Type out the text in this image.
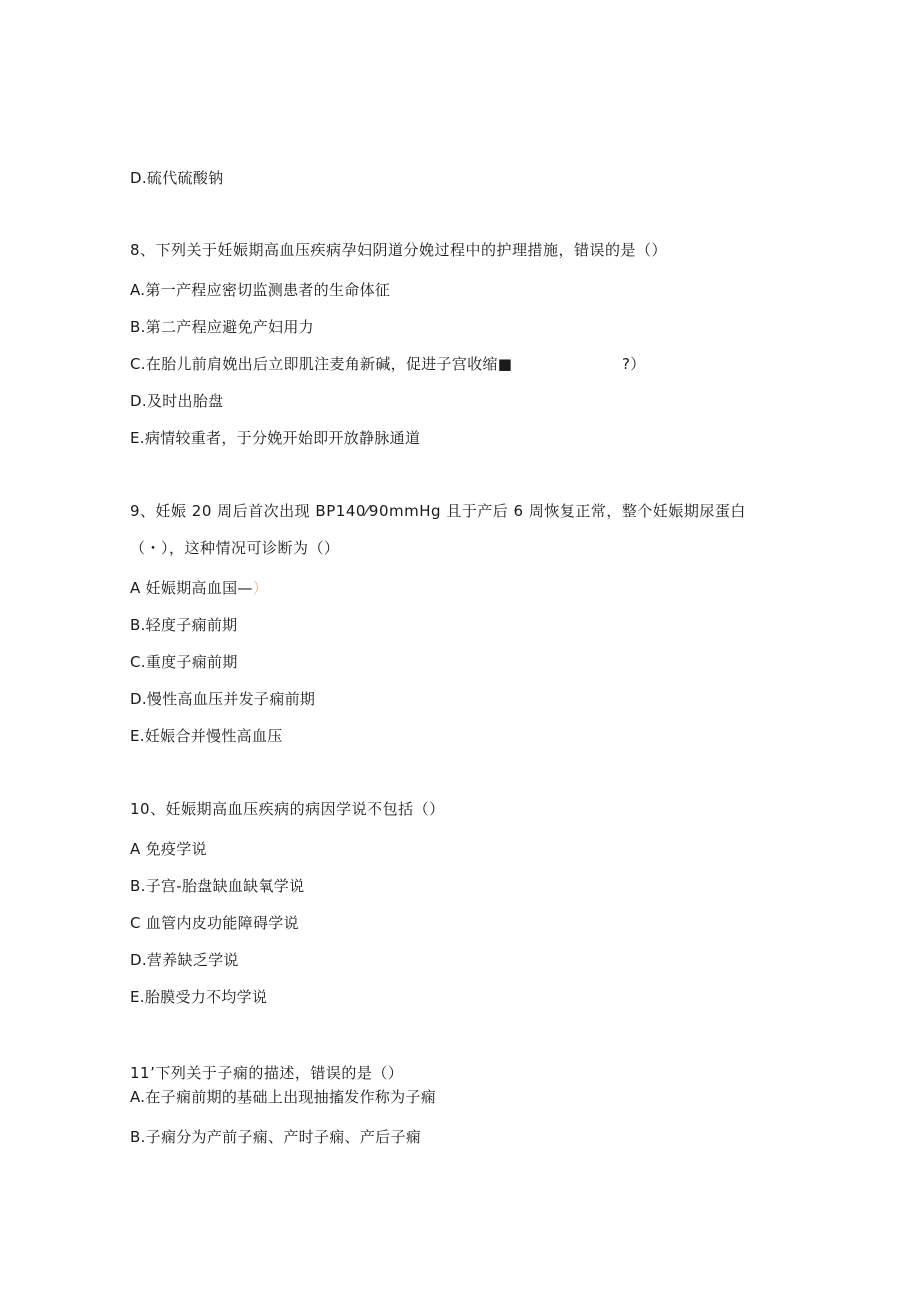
D.硫代硫酸钠
8、下列关于妊娠期高血压疾病孕妇阴道分娩过程中的护理措施，错误的是（）
A.第一产程应密切监测患者的生命体征
B.第二产程应避免产妇用力
C.在胎儿前肩娩出后立即肌注麦角新碱，促进子宫收缩■	?）
D.及时出胎盘
E.病情较重者，于分娩开始即开放静脉通道
9、妊娠 20 周后首次出现 BP140⁄90mmHg 且于产后 6 周恢复正常，整个妊娠期尿蛋白
（・），这种情况可诊断为（）
A 妊娠期高血国—）
B.轻度子痫前期
C.重度子痫前期
D.慢性高血压并发子痫前期
E.妊娠合并慢性高血压
10、妊娠期高血压疾病的病因学说不包括（）
A 免疫学说
B.子宫-胎盘缺血缺氧学说
C 血管内皮功能障碍学说
D.营养缺乏学说
E.胎膜受力不均学说
11’下列关于子痫的描述，错误的是（）
A.在子痫前期的基础上出现抽搐发作称为子痫
B.子痫分为产前子痫、产时子痫、产后子痫
